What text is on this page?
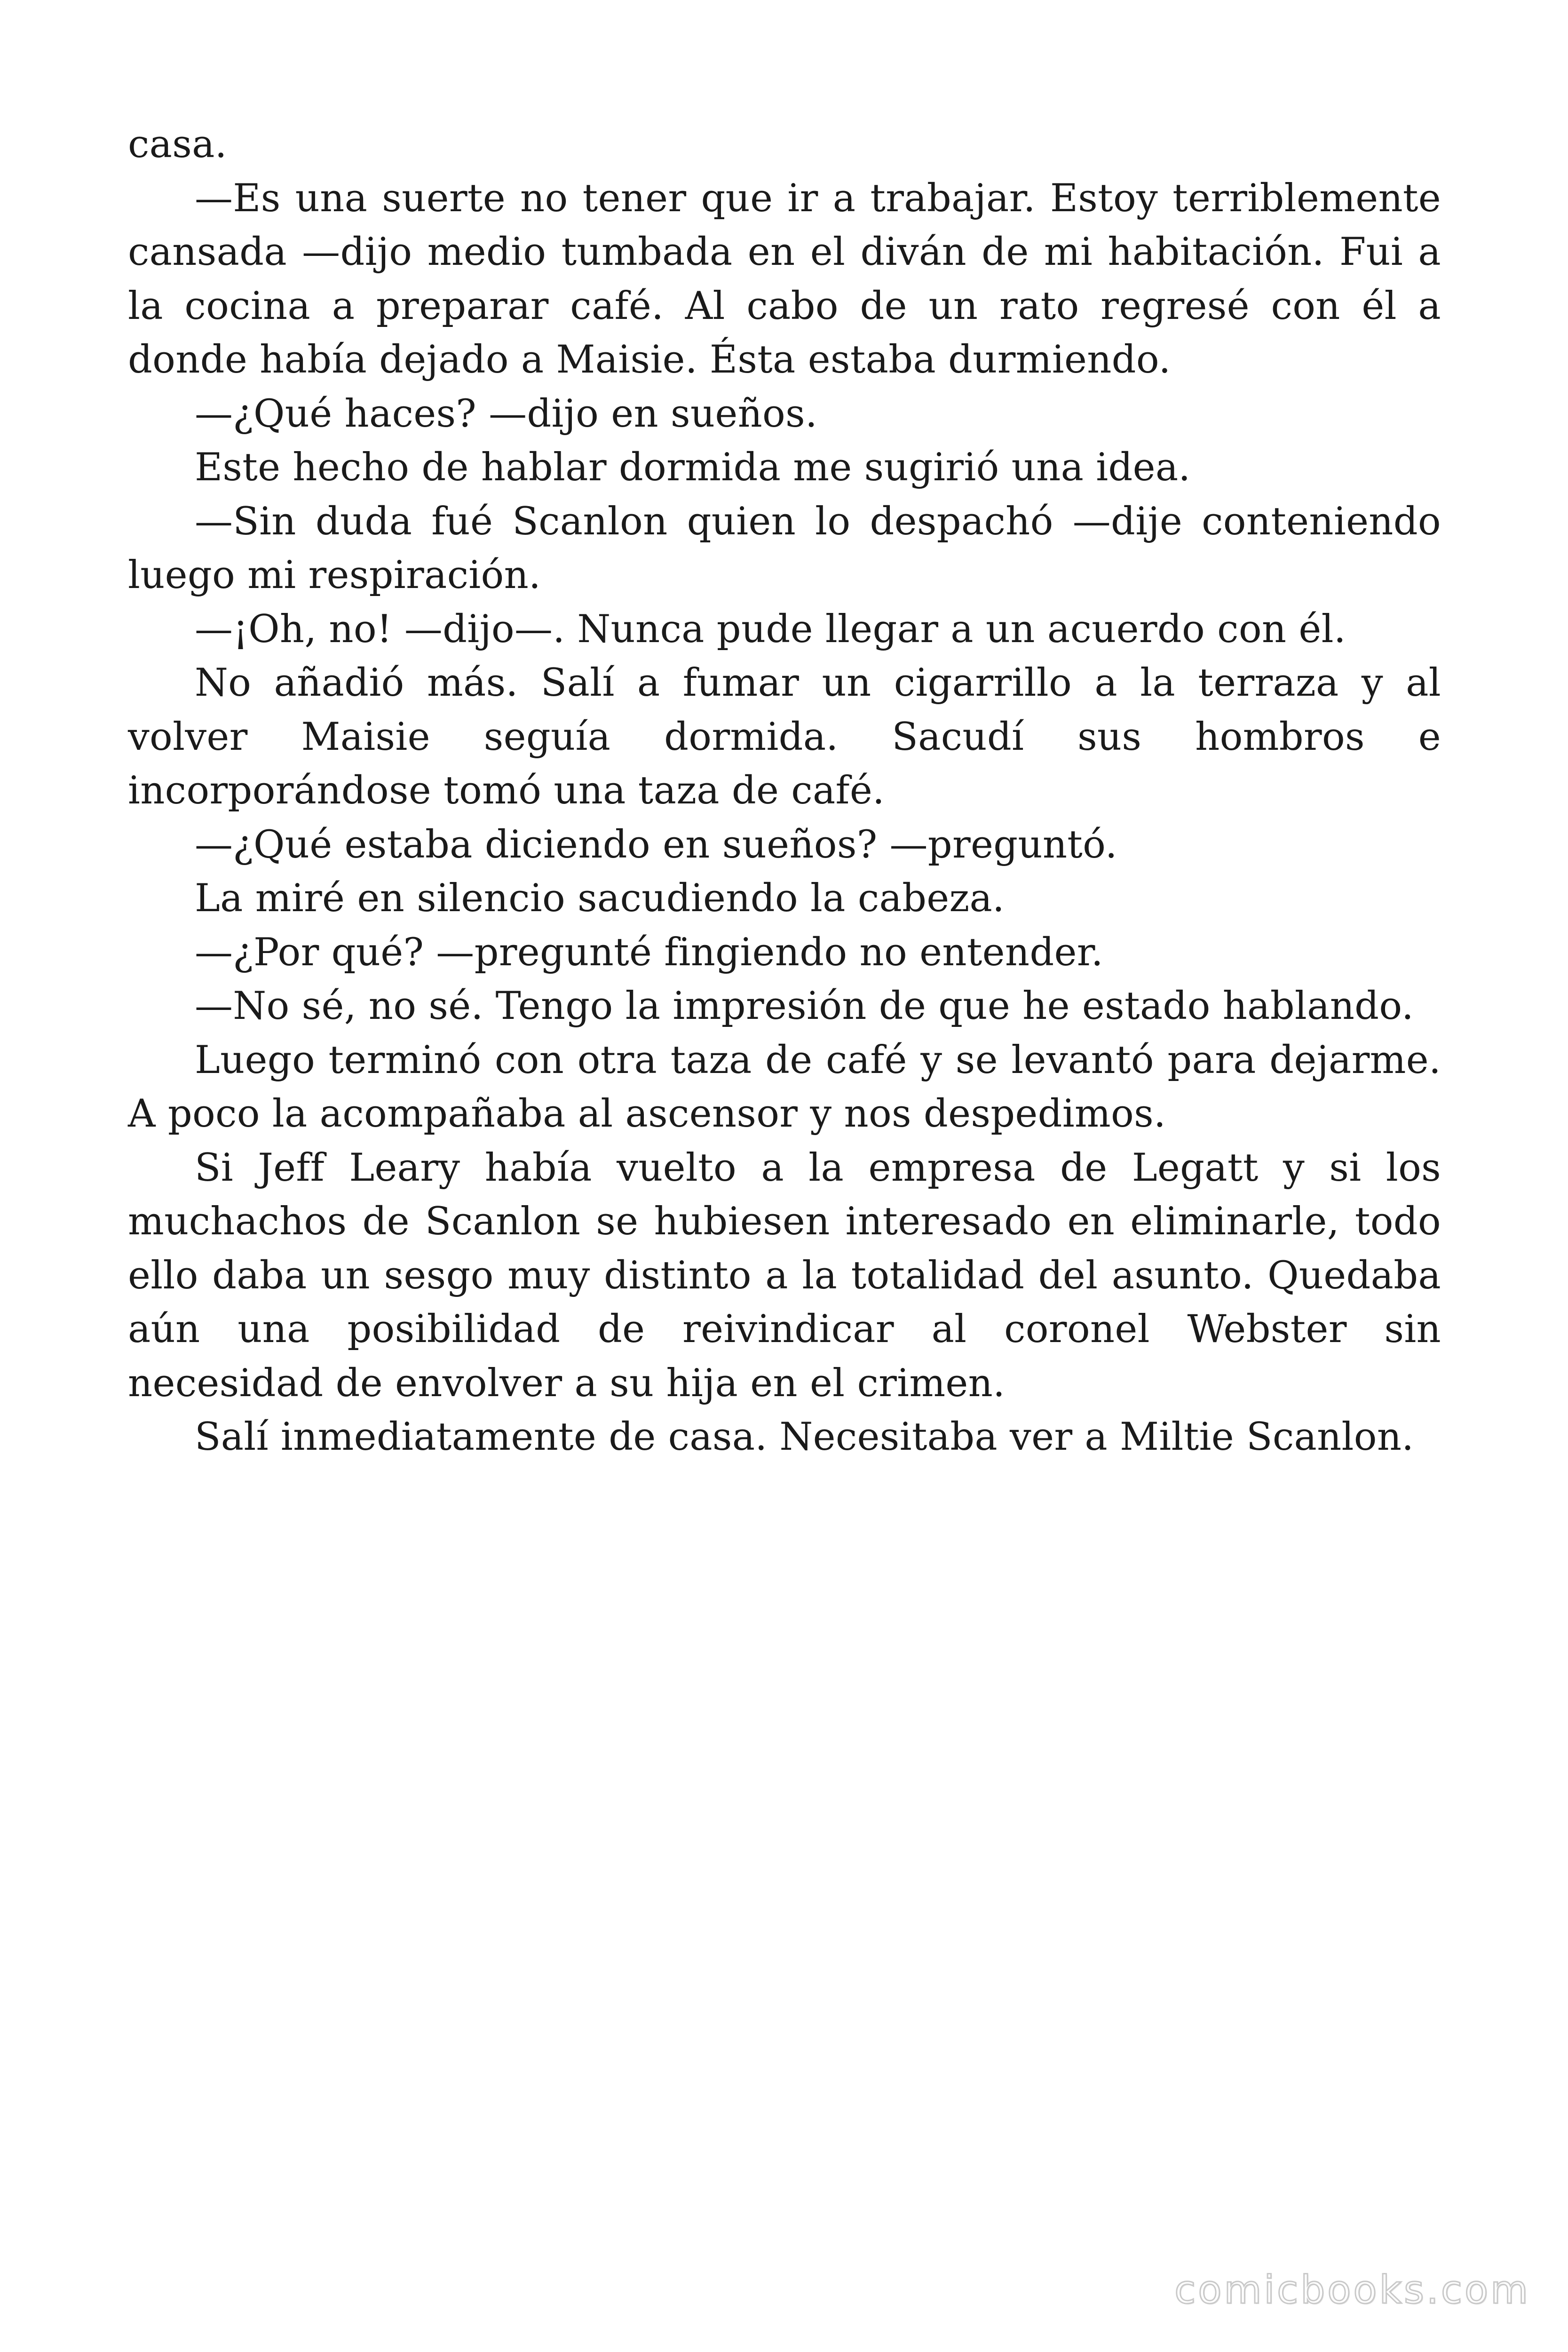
casa.

—Es una suerte no tener que ir a trabajar. Estoy terriblemente cansada —dijo medio tumbada en el diván de mi habitación. Fui a la cocina a preparar café. Al cabo de un rato regresé con él a donde había dejado a Maisie. Ésta estaba durmiendo.

—¿Qué haces? —dijo en sueños.

Este hecho de hablar dormida me sugirió una idea.

—Sin duda fué Scanlon quien lo despachó —dije conteniendo luego mi respiración.

—¡Oh, no! —dijo—. Nunca pude llegar a un acuerdo con él.

No añadió más. Salí a fumar un cigarrillo a la terraza y al volver Maisie seguía dormida. Sacudí sus hombros e incorporándose tomó una taza de café.

—¿Qué estaba diciendo en sueños? —preguntó.

La miré en silencio sacudiendo la cabeza.

—¿Por qué? —pregunté fingiendo no entender.

—No sé, no sé. Tengo la impresión de que he estado hablando.

Luego terminó con otra taza de café y se levantó para dejarme. A poco la acompañaba al ascensor y nos despedimos.

Si Jeff Leary había vuelto a la empresa de Legatt y si los muchachos de Scanlon se hubiesen interesado en eliminarle, todo ello daba un sesgo muy distinto a la totalidad del asunto. Quedaba aún una posibilidad de reivindicar al coronel Webster sin necesidad de envolver a su hija en el crimen.

Salí inmediatamente de casa. Necesitaba ver a Miltie Scanlon.

comicbooks.com
